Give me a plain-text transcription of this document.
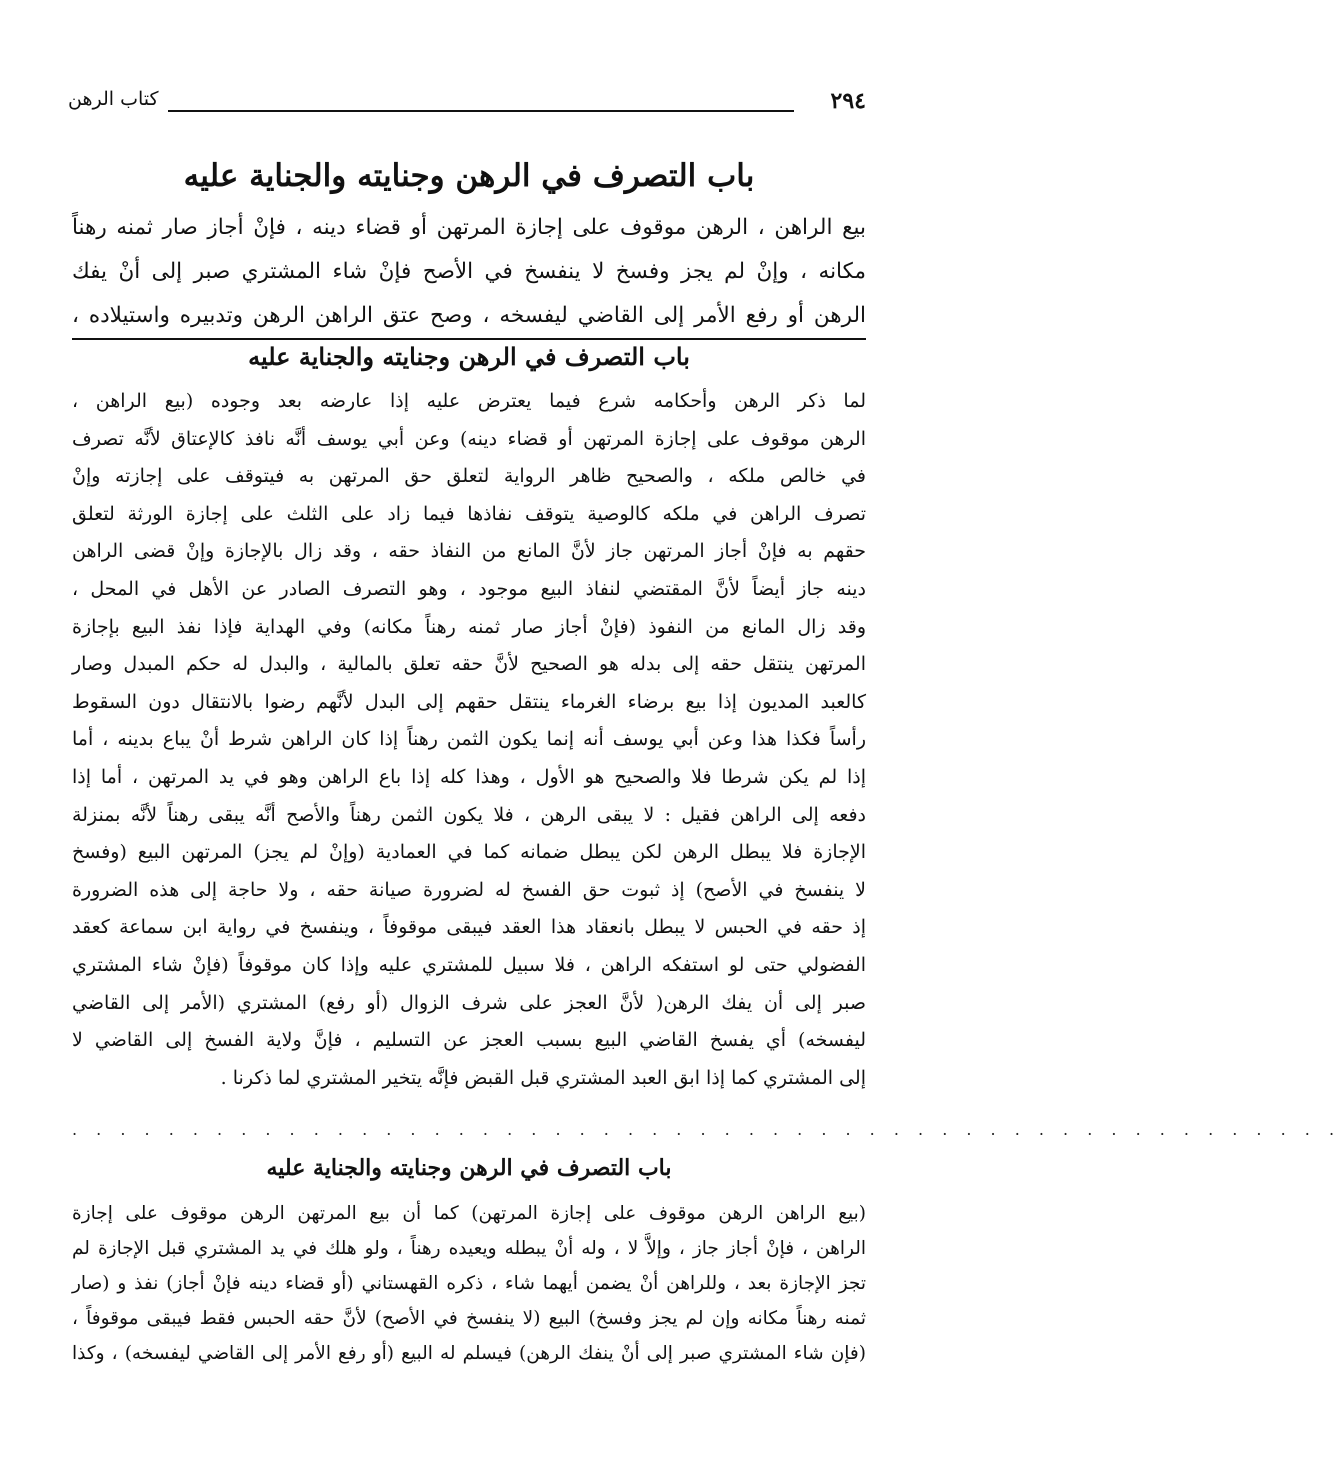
٢٩٤
كتاب الرهن
باب التصرف في الرهن وجنايته والجناية عليه
بيع الراهن ، الرهن موقوف على إجازة المرتهن أو قضاء دينه ، فإنْ أجاز صار ثمنه رهناً
مكانه ، وإنْ لم يجز وفسخ لا ينفسخ في الأصح فإنْ شاء المشتري صبر إلى أنْ يفك
الرهن أو رفع الأمر إلى القاضي ليفسخه ، وصح عتق الراهن الرهن وتدبيره واستيلاده ،
باب التصرف في الرهن وجنايته والجناية عليه
لما ذكر الرهن وأحكامه شرع فيما يعترض عليه إذا عارضه بعد وجوده (بيع الراهن ،
الرهن موقوف على إجازة المرتهن أو قضاء دينه) وعن أبي يوسف أنَّه نافذ كالإعتاق لأنَّه تصرف
في خالص ملكه ، والصحيح ظاهر الرواية لتعلق حق المرتهن به فيتوقف على إجازته وإنْ
تصرف الراهن في ملكه كالوصية يتوقف نفاذها فيما زاد على الثلث على إجازة الورثة لتعلق
حقهم به فإنْ أجاز المرتهن جاز لأنَّ المانع من النفاذ حقه ، وقد زال بالإجازة وإنْ قضى الراهن
دينه جاز أيضاً لأنَّ المقتضي لنفاذ البيع موجود ، وهو التصرف الصادر عن الأهل في المحل ،
وقد زال المانع من النفوذ (فإنْ أجاز صار ثمنه رهناً مكانه) وفي الهداية فإذا نفذ البيع بإجازة
المرتهن ينتقل حقه إلى بدله هو الصحيح لأنَّ حقه تعلق بالمالية ، والبدل له حكم المبدل وصار
كالعبد المديون إذا بيع برضاء الغرماء ينتقل حقهم إلى البدل لأنَّهم رضوا بالانتقال دون السقوط
رأساً فكذا هذا وعن أبي يوسف أنه إنما يكون الثمن رهناً إذا كان الراهن شرط أنْ يباع بدينه ، أما
إذا لم يكن شرطا فلا والصحيح هو الأول ، وهذا كله إذا باع الراهن وهو في يد المرتهن ، أما إذا
دفعه إلى الراهن فقيل : لا يبقى الرهن ، فلا يكون الثمن رهناً والأصح أنَّه يبقى رهناً لأنَّه بمنزلة
الإجازة فلا يبطل الرهن لكن يبطل ضمانه كما في العمادية (وإنْ لم يجز) المرتهن البيع (وفسخ
لا ينفسخ في الأصح) إذ ثبوت حق الفسخ له لضرورة صيانة حقه ، ولا حاجة إلى هذه الضرورة
إذ حقه في الحبس لا يبطل بانعقاد هذا العقد فيبقى موقوفاً ، وينفسخ في رواية ابن سماعة كعقد
الفضولي حتى لو استفكه الراهن ، فلا سبيل للمشتري عليه وإذا كان موقوفاً (فإنْ شاء المشتري
صبر إلى أن يفك الرهن( لأنَّ العجز على شرف الزوال (أو رفع) المشتري (الأمر إلى القاضي
ليفسخه) أي يفسخ القاضي البيع بسبب العجز عن التسليم ، فإنَّ ولاية الفسخ إلى القاضي لا
إلى المشتري كما إذا ابق العبد المشتري قبل القبض فإنَّه يتخير المشتري لما ذكرنا .
. . . . . . . . . . . . . . . . . . . . . . . . . . . . . . . . . . . . . . . . . . . . . . . . . . . . .
باب التصرف في الرهن وجنايته والجناية عليه
(بيع الراهن الرهن موقوف على إجازة المرتهن) كما أن بيع المرتهن الرهن موقوف على إجازة
الراهن ، فإنْ أجاز جاز ، وإلاَّ لا ، وله أنْ يبطله ويعيده رهناً ، ولو هلك في يد المشتري قبل الإجازة لم
تجز الإجازة بعد ، وللراهن أنْ يضمن أيهما شاء ، ذكره القهستاني (أو قضاء دينه فإنْ أجاز) نفذ و (صار
ثمنه رهناً مكانه وإن لم يجز وفسخ) البيع (لا ينفسخ في الأصح) لأنَّ حقه الحبس فقط فيبقى موقوفاً ،
(فإن شاء المشتري صبر إلى أنْ ينفك الرهن) فيسلم له البيع (أو رفع الأمر إلى القاضي ليفسخه) ، وكذا
